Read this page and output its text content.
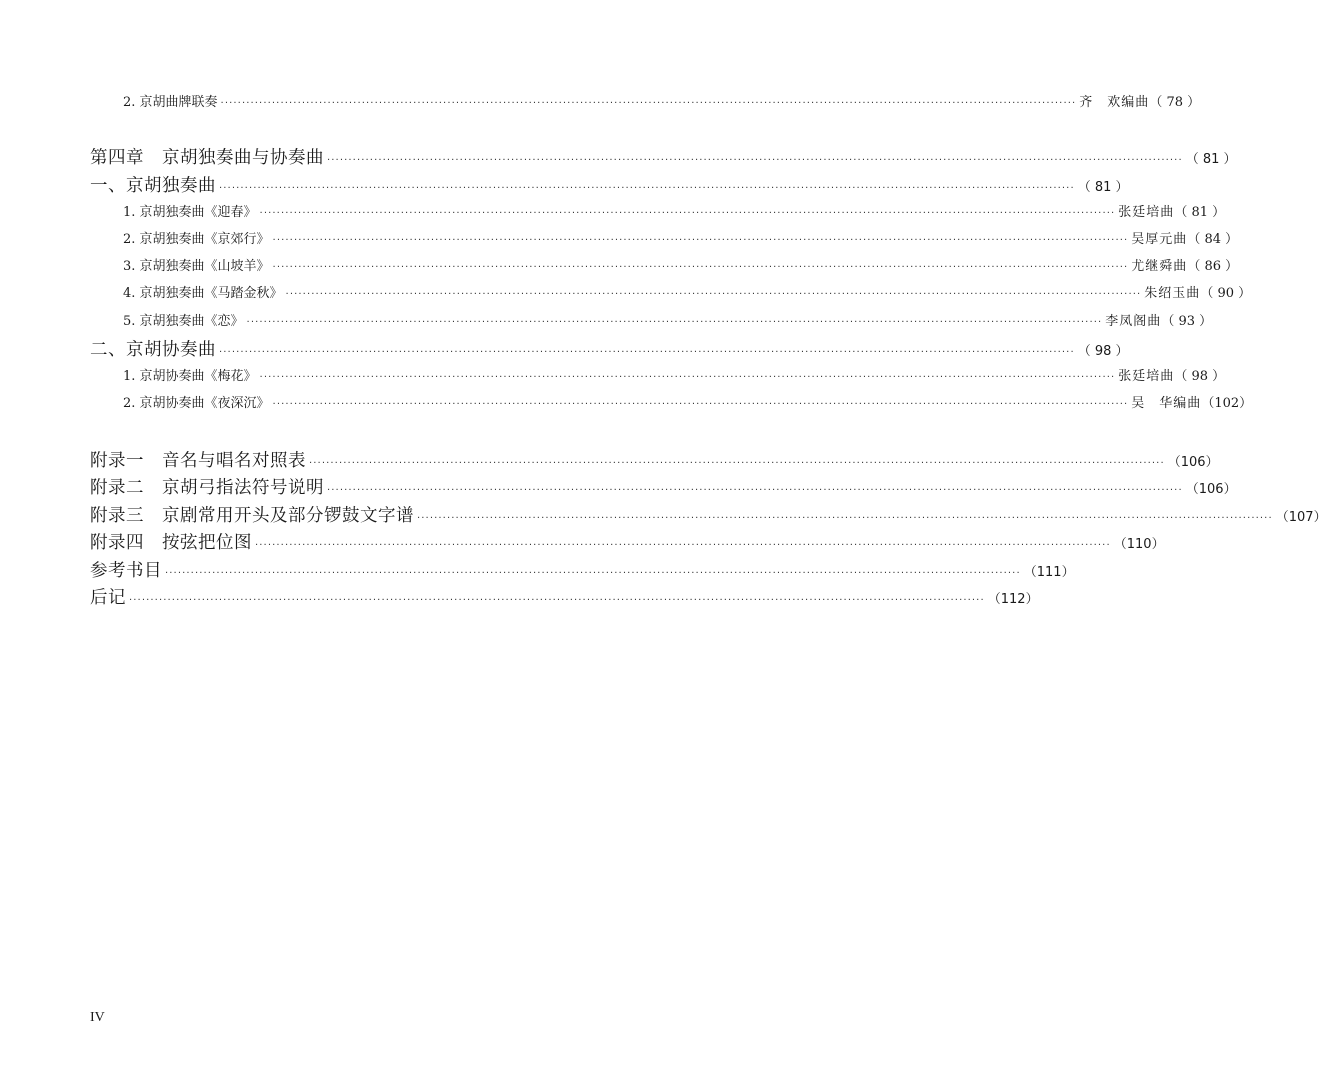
2. 京胡曲牌联奏 ········································································································································································································ 齐　欢编曲 （ 78 ）
第四章　京胡独奏曲与协奏曲 ········································································································································································································ （ 81 ）
一、京胡独奏曲 ········································································································································································································ （ 81 ）
1. 京胡独奏曲《迎春》 ········································································································································································································ 张廷培曲 （ 81 ）
2. 京胡独奏曲《京郊行》 ········································································································································································································ 吴厚元曲 （ 84 ）
3. 京胡独奏曲《山坡羊》 ········································································································································································································ 尤继舜曲 （ 86 ）
4. 京胡独奏曲《马踏金秋》 ········································································································································································································ 朱绍玉曲 （ 90 ）
5. 京胡独奏曲《恋》 ········································································································································································································ 李凤阁曲 （ 93 ）
二、京胡协奏曲 ········································································································································································································ （ 98 ）
1. 京胡协奏曲《梅花》 ········································································································································································································ 张廷培曲 （ 98 ）
2. 京胡协奏曲《夜深沉》 ········································································································································································································ 吴　华编曲 （102）
附录一　音名与唱名对照表 ········································································································································································································ （106）
附录二　京胡弓指法符号说明 ········································································································································································································ （106）
附录三　京剧常用开头及部分锣鼓文字谱 ········································································································································································································ （107）
附录四　按弦把位图 ········································································································································································································ （110）
参考书目 ········································································································································································································ （111）
后记 ········································································································································································································ （112）
IV
